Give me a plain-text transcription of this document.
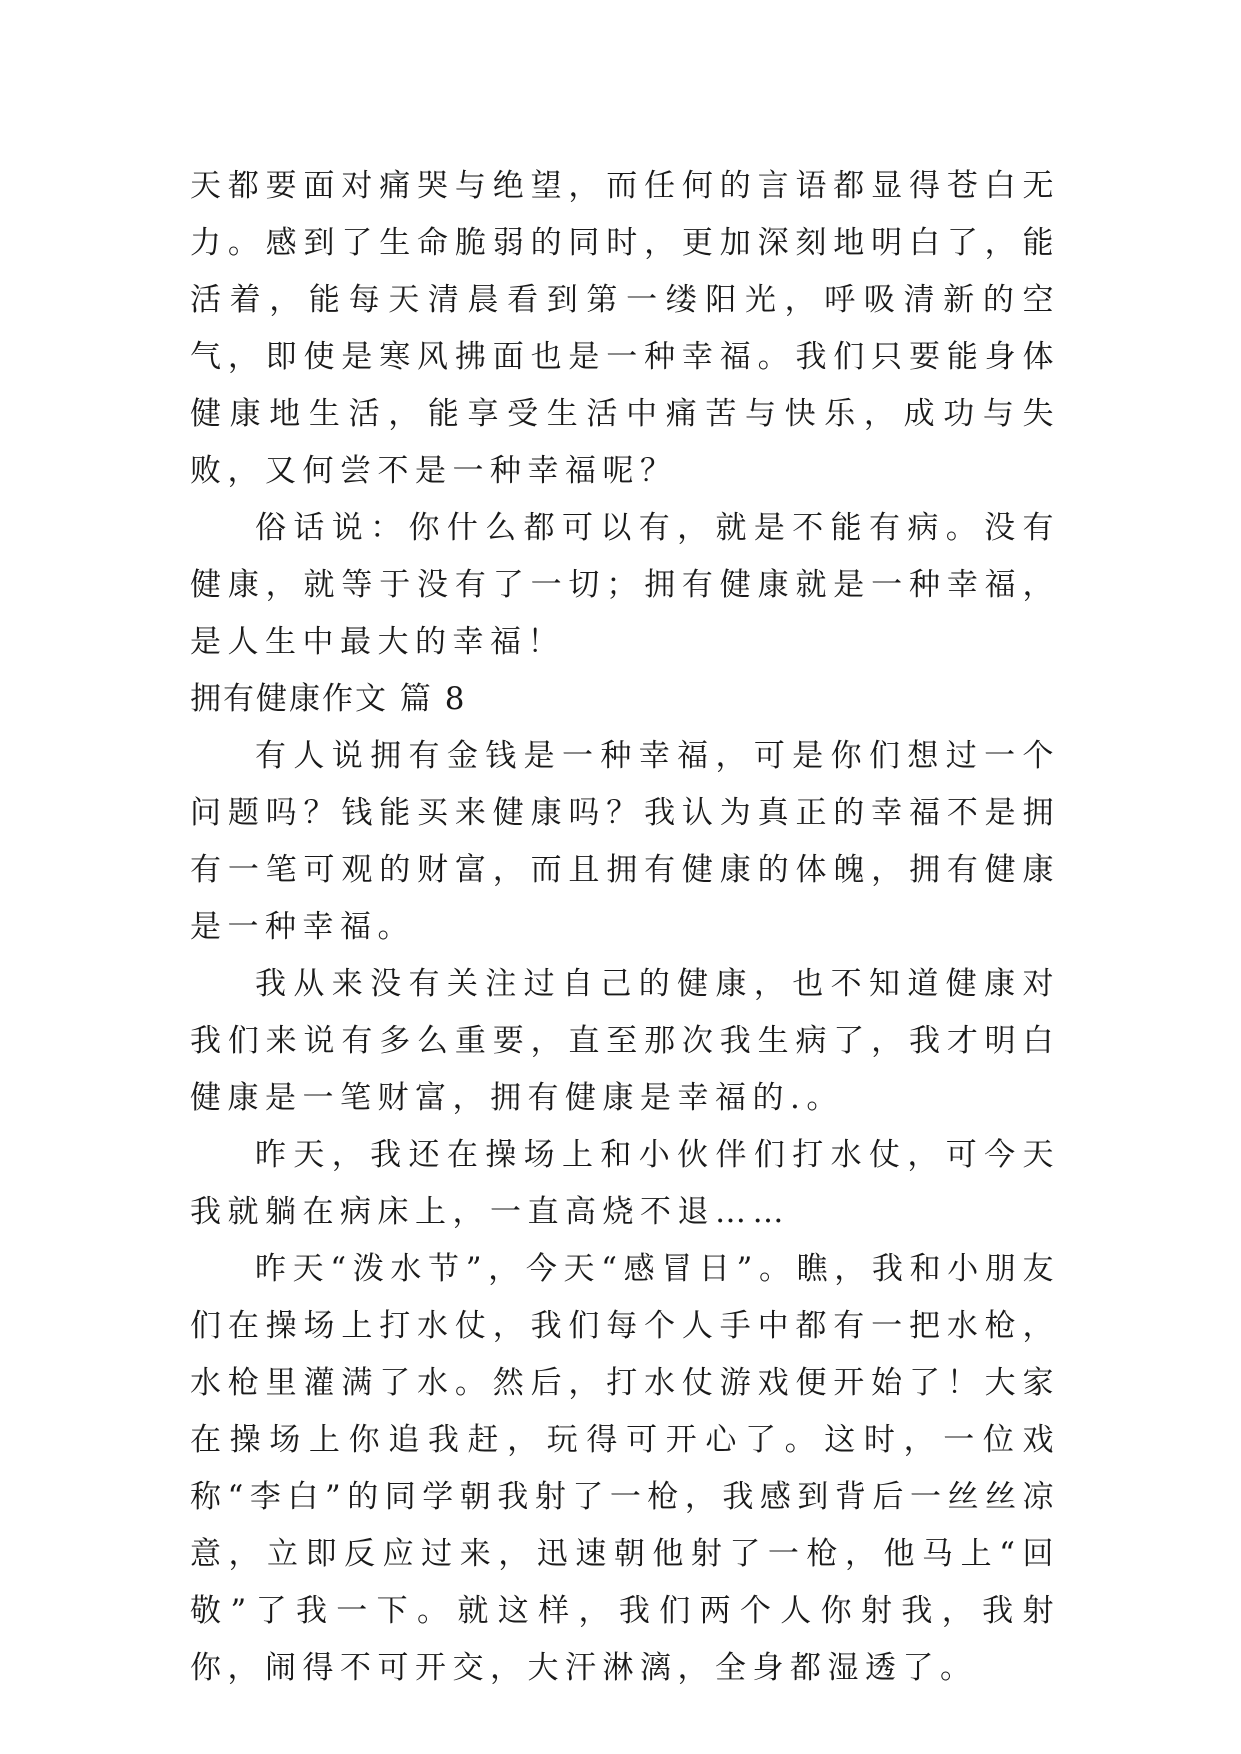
天都要面对痛哭与绝望，而任何的言语都显得苍白无力。感到了生命脆弱的同时，更加深刻地明白了，能活着，能每天清晨看到第一缕阳光，呼吸清新的空气，即使是寒风拂面也是一种幸福。我们只要能身体健康地生活，能享受生活中痛苦与快乐，成功与失败，又何尝不是一种幸福呢？

俗话说：你什么都可以有，就是不能有病。没有健康，就等于没有了一切；拥有健康就是一种幸福，是人生中最大的幸福！

拥有健康作文 篇 8

有人说拥有金钱是一种幸福，可是你们想过一个问题吗？钱能买来健康吗？我认为真正的幸福不是拥有一笔可观的财富，而且拥有健康的体魄，拥有健康是一种幸福。

我从来没有关注过自己的健康，也不知道健康对我们来说有多么重要，直至那次我生病了，我才明白健康是一笔财富，拥有健康是幸福的.。

昨天，我还在操场上和小伙伴们打水仗，可今天我就躺在病床上，一直高烧不退……

昨天“泼水节”，今天“感冒日”。瞧，我和小朋友们在操场上打水仗，我们每个人手中都有一把水枪，水枪里灌满了水。然后，打水仗游戏便开始了！大家在操场上你追我赶，玩得可开心了。这时，一位戏称“李白”的同学朝我射了一枪，我感到背后一丝丝凉意，立即反应过来，迅速朝他射了一枪，他马上“回敬”了我一下。就这样，我们两个人你射我，我射你，闹得不可开交，大汗淋漓，全身都湿透了。
